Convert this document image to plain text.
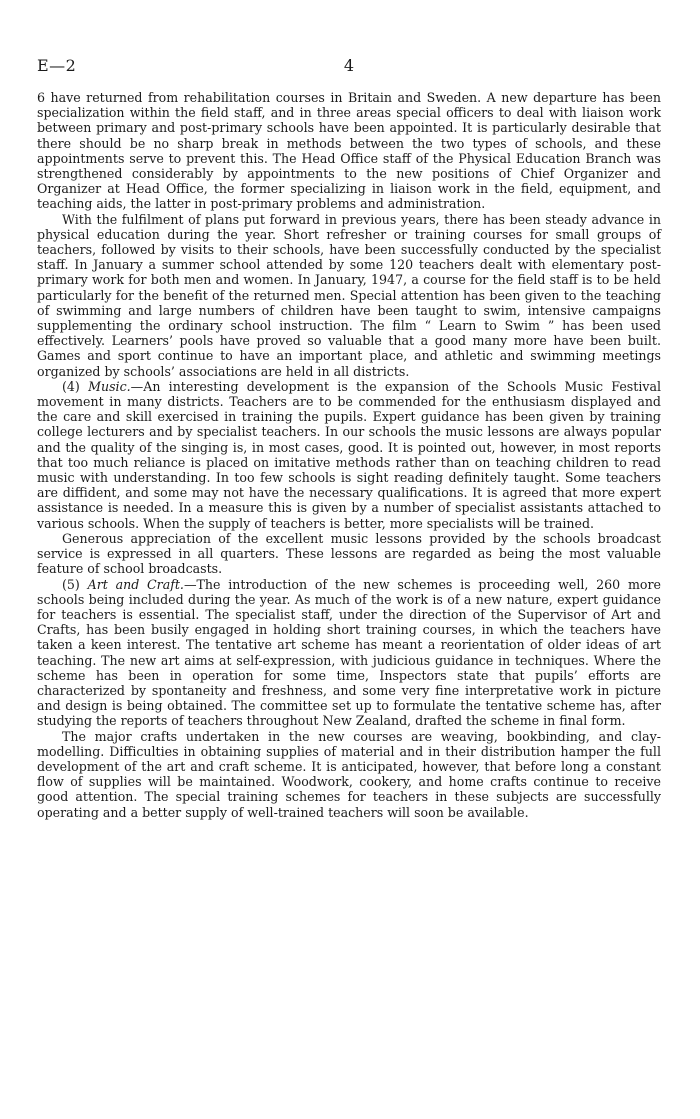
E—2	4

6 have returned from rehabilitation courses in Britain and Sweden. A new departure has been specialization within the field staff, and in three areas special officers to deal with liaison work between primary and post-primary schools have been appointed. It is particularly desirable that there should be no sharp break in methods between the two types of schools, and these appointments serve to prevent this. The Head Office staff of the Physical Education Branch was strengthened considerably by appointments to the new positions of Chief Organizer and Organizer at Head Office, the former specializing in liaison work in the field, equipment, and teaching aids, the latter in post-primary problems and administration.

With the fulfilment of plans put forward in previous years, there has been steady advance in physical education during the year. Short refresher or training courses for small groups of teachers, followed by visits to their schools, have been successfully conducted by the specialist staff. In January a summer school attended by some 120 teachers dealt with elementary post-primary work for both men and women. In January, 1947, a course for the field staff is to be held particularly for the benefit of the returned men. Special attention has been given to the teaching of swimming and large numbers of children have been taught to swim, intensive campaigns supplementing the ordinary school instruction. The film “ Learn to Swim ” has been used effectively. Learners’ pools have proved so valuable that a good many more have been built. Games and sport continue to have an important place, and athletic and swimming meetings organized by schools’ associations are held in all districts.

(4) Music.—An interesting development is the expansion of the Schools Music Festival movement in many districts. Teachers are to be commended for the enthusiasm displayed and the care and skill exercised in training the pupils. Expert guidance has been given by training college lecturers and by specialist teachers. In our schools the music lessons are always popular and the quality of the singing is, in most cases, good. It is pointed out, however, in most reports that too much reliance is placed on imitative methods rather than on teaching children to read music with understanding. In too few schools is sight reading definitely taught. Some teachers are diffident, and some may not have the necessary qualifications. It is agreed that more expert assistance is needed. In a measure this is given by a number of specialist assistants attached to various schools. When the supply of teachers is better, more specialists will be trained.

Generous appreciation of the excellent music lessons provided by the schools broadcast service is expressed in all quarters. These lessons are regarded as being the most valuable feature of school broadcasts.

(5) Art and Craft.—The introduction of the new schemes is proceeding well, 260 more schools being included during the year. As much of the work is of a new nature, expert guidance for teachers is essential. The specialist staff, under the direction of the Supervisor of Art and Crafts, has been busily engaged in holding short training courses, in which the teachers have taken a keen interest. The tentative art scheme has meant a reorientation of older ideas of art teaching. The new art aims at self-expression, with judicious guidance in techniques. Where the scheme has been in operation for some time, Inspectors state that pupils’ efforts are characterized by spontaneity and freshness, and some very fine interpretative work in picture and design is being obtained. The committee set up to formulate the tentative scheme has, after studying the reports of teachers throughout New Zealand, drafted the scheme in final form.

The major crafts undertaken in the new courses are weaving, bookbinding, and clay-modelling. Difficulties in obtaining supplies of material and in their distribution hamper the full development of the art and craft scheme. It is anticipated, however, that before long a constant flow of supplies will be maintained. Woodwork, cookery, and home crafts continue to receive good attention. The special training schemes for teachers in these subjects are successfully operating and a better supply of well-trained teachers will soon be available.
